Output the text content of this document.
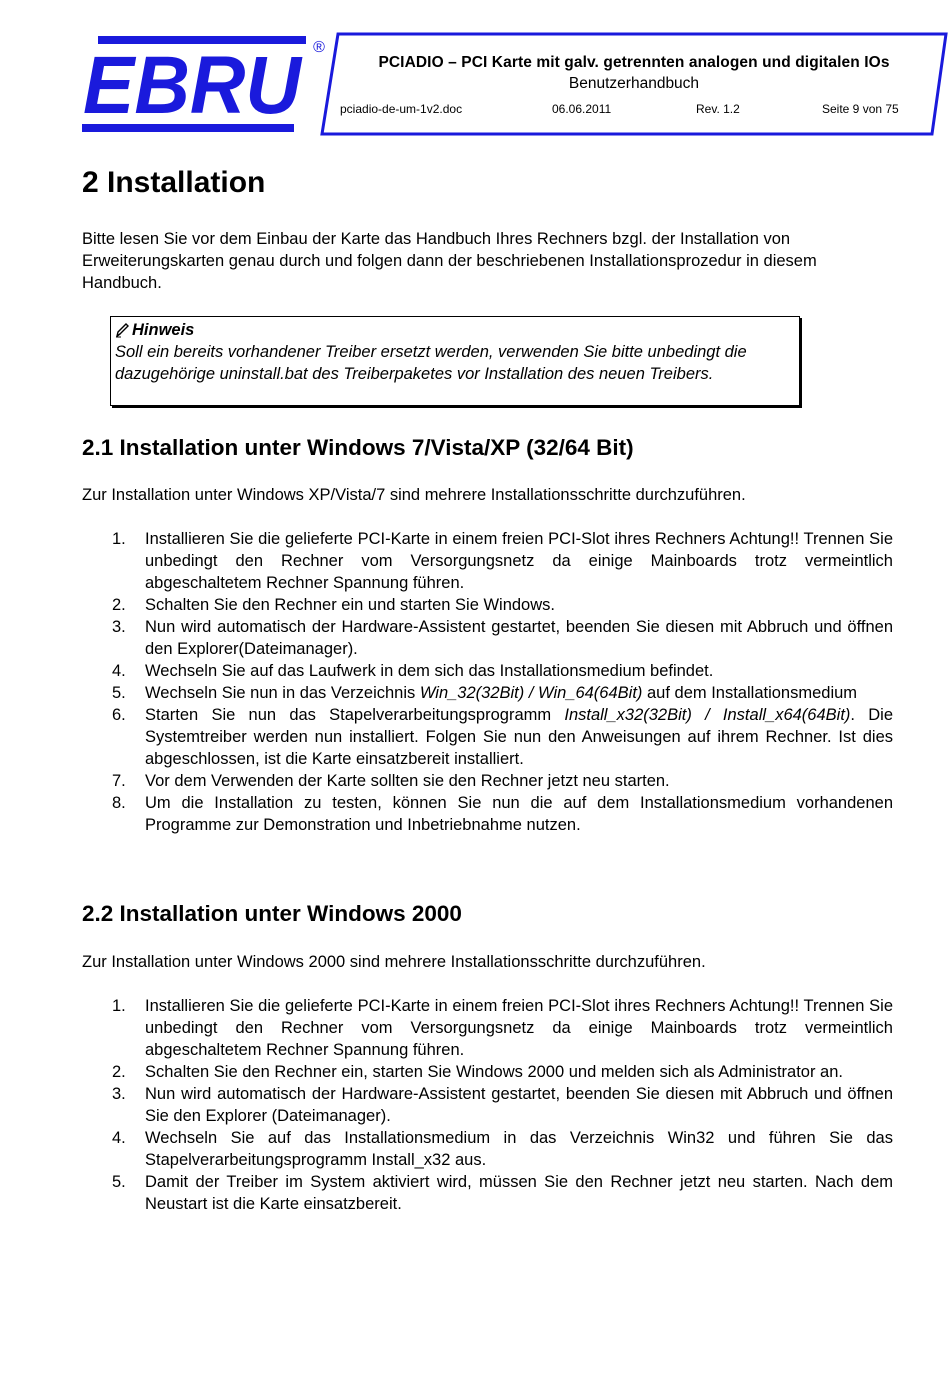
EBRU ®
PCIADIO – PCI Karte mit galv. getrennten analogen und digitalen IOs
Benutzerhandbuch
pciadio-de-um-1v2.doc	06.06.2011	Rev. 1.2	Seite 9 von 75
2 Installation

Bitte lesen Sie vor dem Einbau der Karte das Handbuch Ihres Rechners bzgl. der Installation von Erweiterungskarten genau durch und folgen dann der beschriebenen Installationsprozedur in diesem Handbuch.

Hinweis
Soll ein bereits vorhandener Treiber ersetzt werden, verwenden Sie bitte unbedingt die dazugehörige uninstall.bat des Treiberpaketes vor Installation des neuen Treibers.
2.1 Installation unter Windows 7/Vista/XP (32/64 Bit)

Zur Installation unter Windows XP/Vista/7 sind mehrere Installationsschritte durchzuführen.

1. Installieren Sie die gelieferte PCI-Karte in einem freien PCI-Slot ihres Rechners Achtung!! Trennen Sie unbedingt den Rechner vom Versorgungsnetz da einige Mainboards trotz vermeintlich abgeschaltetem Rechner Spannung führen.
2. Schalten Sie den Rechner ein und starten Sie Windows.
3. Nun wird automatisch der Hardware-Assistent gestartet, beenden Sie diesen mit Abbruch und öffnen den Explorer(Dateimanager).
4. Wechseln Sie auf das Laufwerk in dem sich das Installationsmedium befindet.
5. Wechseln Sie nun in das Verzeichnis Win_32(32Bit) / Win_64(64Bit) auf dem Installationsmedium
6. Starten Sie nun das Stapelverarbeitungsprogramm Install_x32(32Bit) / Install_x64(64Bit). Die Systemtreiber werden nun installiert. Folgen Sie nun den Anweisungen auf ihrem Rechner. Ist dies abgeschlossen, ist die Karte einsatzbereit installiert.
7. Vor dem Verwenden der Karte sollten sie den Rechner jetzt neu starten.
8. Um die Installation zu testen, können Sie nun die auf dem Installationsmedium vorhandenen Programme zur Demonstration und Inbetriebnahme nutzen.
2.2 Installation unter Windows 2000

Zur Installation unter Windows 2000 sind mehrere Installationsschritte durchzuführen.

1. Installieren Sie die gelieferte PCI-Karte in einem freien PCI-Slot ihres Rechners Achtung!! Trennen Sie unbedingt den Rechner vom Versorgungsnetz da einige Mainboards trotz vermeintlich abgeschaltetem Rechner Spannung führen.
2. Schalten Sie den Rechner ein, starten Sie Windows 2000 und melden sich als Administrator an.
3. Nun wird automatisch der Hardware-Assistent gestartet, beenden Sie diesen mit Abbruch und öffnen Sie den Explorer (Dateimanager).
4. Wechseln Sie auf das Installationsmedium in das Verzeichnis Win32 und führen Sie das Stapelverarbeitungsprogramm Install_x32 aus.
5. Damit der Treiber im System aktiviert wird, müssen Sie den Rechner jetzt neu starten. Nach dem Neustart ist die Karte einsatzbereit.
